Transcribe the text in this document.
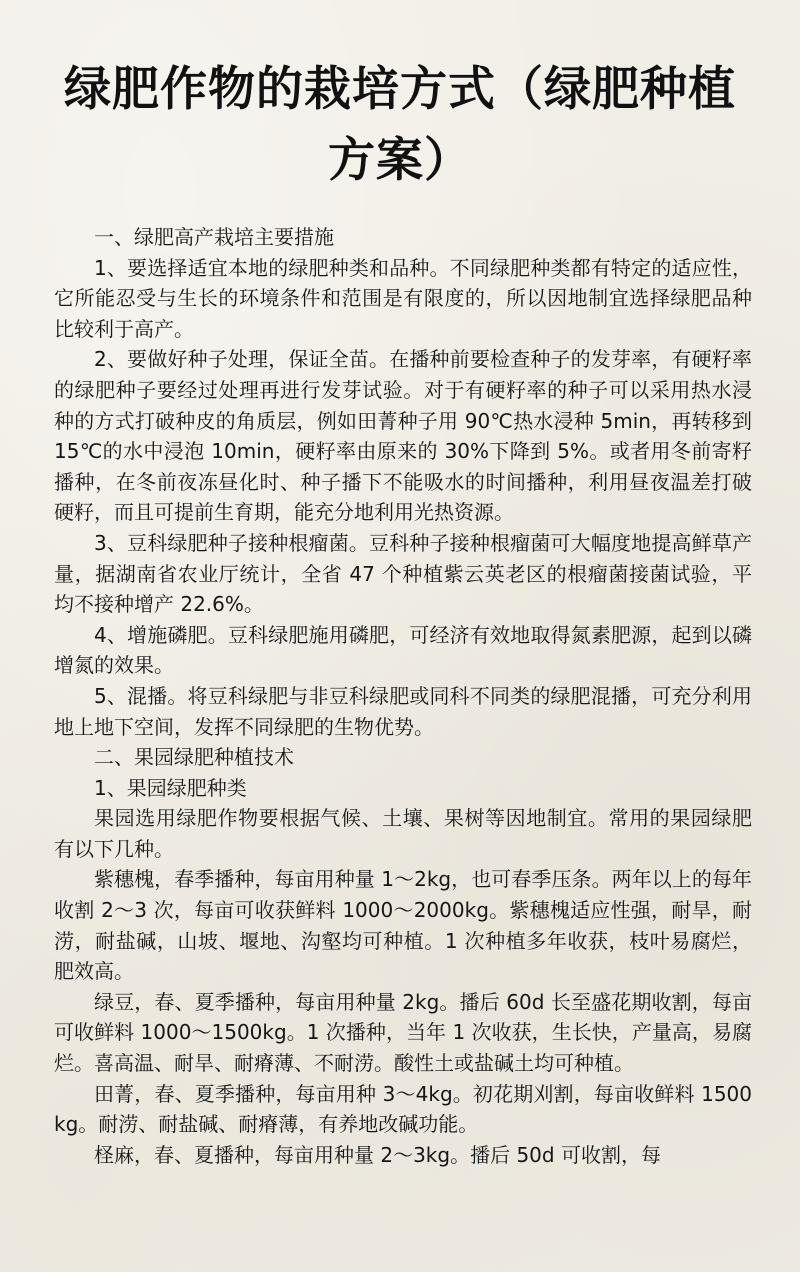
绿肥作物的栽培方式（绿肥种植方案）

一、绿肥高产栽培主要措施

1、要选择适宜本地的绿肥种类和品种。不同绿肥种类都有特定的适应性，它所能忍受与生长的环境条件和范围是有限度的，所以因地制宜选择绿肥品种比较利于高产。

2、要做好种子处理，保证全苗。在播种前要检查种子的发芽率，有硬籽率的绿肥种子要经过处理再进行发芽试验。对于有硬籽率的种子可以采用热水浸种的方式打破种皮的角质层，例如田菁种子用 90℃热水浸种 5min，再转移到 15℃的水中浸泡 10min，硬籽率由原来的 30%下降到 5%。或者用冬前寄籽播种，在冬前夜冻昼化时、种子播下不能吸水的时间播种，利用昼夜温差打破硬籽，而且可提前生育期，能充分地利用光热资源。

3、豆科绿肥种子接种根瘤菌。豆科种子接种根瘤菌可大幅度地提高鲜草产量，据湖南省农业厅统计，全省 47 个种植紫云英老区的根瘤菌接菌试验，平均不接种增产 22.6%。

4、增施磷肥。豆科绿肥施用磷肥，可经济有效地取得氮素肥源，起到以磷增氮的效果。

5、混播。将豆科绿肥与非豆科绿肥或同科不同类的绿肥混播，可充分利用地上地下空间，发挥不同绿肥的生物优势。

二、果园绿肥种植技术

1、果园绿肥种类

果园选用绿肥作物要根据气候、土壤、果树等因地制宜。常用的果园绿肥有以下几种。

紫穗槐，春季播种，每亩用种量 1～2kg，也可春季压条。两年以上的每年收割 2～3 次，每亩可收获鲜料 1000～2000kg。紫穗槐适应性强，耐旱，耐涝，耐盐碱，山坡、堰地、沟壑均可种植。1 次种植多年收获，枝叶易腐烂，肥效高。

绿豆，春、夏季播种，每亩用种量 2kg。播后 60d 长至盛花期收割，每亩可收鲜料 1000～1500kg。1 次播种，当年 1 次收获，生长快，产量高，易腐烂。喜高温、耐旱、耐瘠薄、不耐涝。酸性土或盐碱土均可种植。

田菁，春、夏季播种，每亩用种 3～4kg。初花期刈割，每亩收鲜料 1500kg。耐涝、耐盐碱、耐瘠薄，有养地改碱功能。

柽麻，春、夏播种，每亩用种量 2～3kg。播后 50d 可收割，每
